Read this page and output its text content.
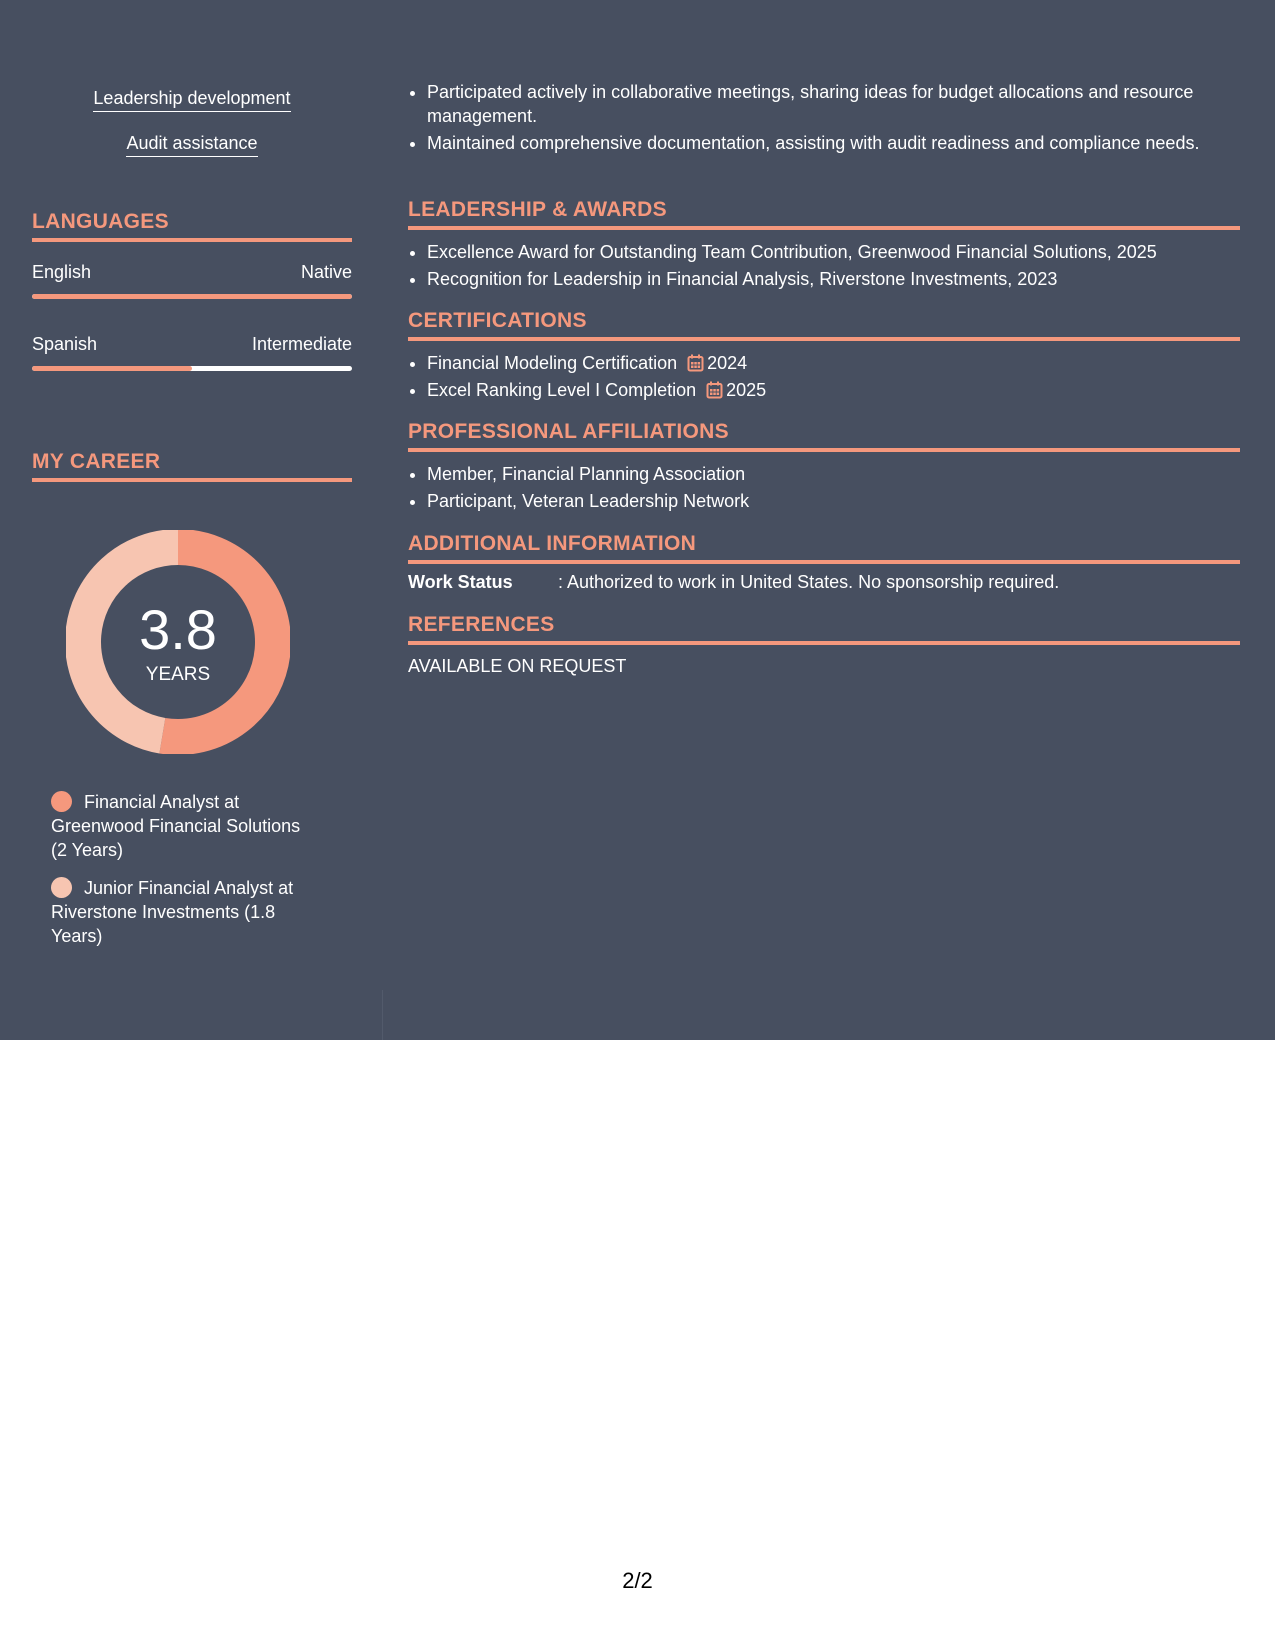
Leadership development
Audit assistance
LANGUAGES
English	Native
Spanish	Intermediate
MY CAREER
3.8
YEARS
Financial Analyst at Greenwood Financial Solutions (2 Years)
Junior Financial Analyst at Riverstone Investments (1.8 Years)
• Participated actively in collaborative meetings, sharing ideas for budget allocations and resource management.
• Maintained comprehensive documentation, assisting with audit readiness and compliance needs.
LEADERSHIP & AWARDS
• Excellence Award for Outstanding Team Contribution, Greenwood Financial Solutions, 2025
• Recognition for Leadership in Financial Analysis, Riverstone Investments, 2023
CERTIFICATIONS
• Financial Modeling Certification 2024
• Excel Ranking Level I Completion 2025
PROFESSIONAL AFFILIATIONS
• Member, Financial Planning Association
• Participant, Veteran Leadership Network
ADDITIONAL INFORMATION
Work Status	: Authorized to work in United States. No sponsorship required.
REFERENCES
AVAILABLE ON REQUEST
2/2
